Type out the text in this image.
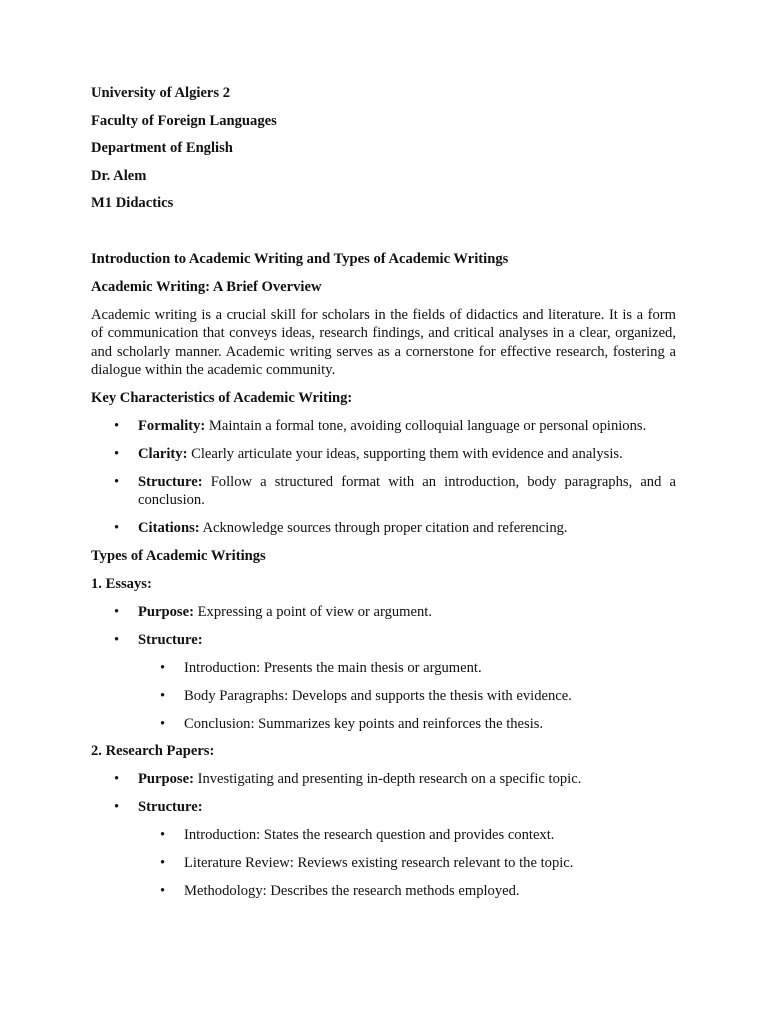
University of Algiers 2
Faculty of Foreign Languages
Department of English
Dr. Alem
M1 Didactics
Introduction to Academic Writing and Types of Academic Writings
Academic Writing: A Brief Overview
Academic writing is a crucial skill for scholars in the fields of didactics and literature. It is a form of communication that conveys ideas, research findings, and critical analyses in a clear, organized, and scholarly manner. Academic writing serves as a cornerstone for effective research, fostering a dialogue within the academic community.
Key Characteristics of Academic Writing:
• Formality: Maintain a formal tone, avoiding colloquial language or personal opinions.
• Clarity: Clearly articulate your ideas, supporting them with evidence and analysis.
• Structure: Follow a structured format with an introduction, body paragraphs, and a conclusion.
• Citations: Acknowledge sources through proper citation and referencing.
Types of Academic Writings
1. Essays:
• Purpose: Expressing a point of view or argument.
• Structure:
• Introduction: Presents the main thesis or argument.
• Body Paragraphs: Develops and supports the thesis with evidence.
• Conclusion: Summarizes key points and reinforces the thesis.
2. Research Papers:
• Purpose: Investigating and presenting in-depth research on a specific topic.
• Structure:
• Introduction: States the research question and provides context.
• Literature Review: Reviews existing research relevant to the topic.
• Methodology: Describes the research methods employed.
